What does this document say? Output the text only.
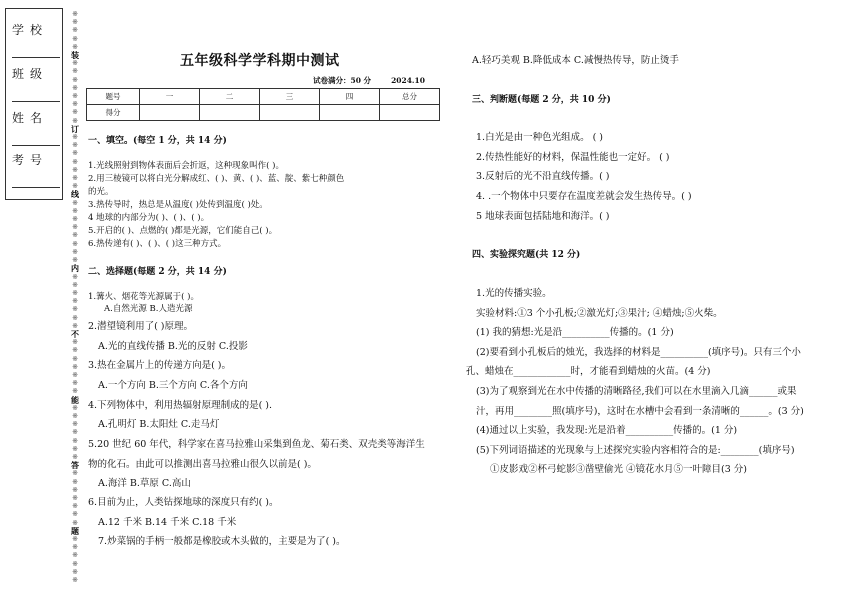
学校
班级
姓名
考号
※
※
※
※
※
装
※
※
※
※
※
※
※
※
订
※
※
※
※
※
※
※
线
※
※
※
※
※
※
※
※
内
※
※
※
※
※
※
※
不
※
※
※
※
※
※
※
能
※
※
※
※
※
※
※
答
※
※
※
※
※
※
※
题
※
※
※
※
※
※
五年级科学学科期中测试
试卷满分：50 分	2024.10
题号	一	二	三	四	总分
得分					
一、填空。(每空 1 分，共 14 分)
1.光线照射到物体表面后会折返，这种现象叫作( )。
2.用三棱镜可以将白光分解成红、( )、黄、( )、蓝、靛、紫七种颜色
的光。
3.热传导时，热总是从温度( )处传到温度( )处。
4 地球的内部分为( )、( )、( )。
5.开启的( )、点燃的( )都是光源，它们能自己( )。
6.热传递有( )、( )、( )这三种方式。
二、选择题(每题 2 分，共 14 分)
1.篝火、烟花等光源属于( )。
A.自然光源 B.人造光源
2.潜望镜利用了( )原理。
A.光的直线传播 B.光的反射 C.投影
3.热在金属片上的传递方向是( )。
A.一个方向 B.三个方向 C.各个方向
4.下列物体中，利用热辐射原理制成的是( ).
A.孔明灯 B.太阳灶 C.走马灯
5.20 世纪 60 年代，科学家在喜马拉雅山采集到鱼龙、菊石类、双壳类等海洋生
物的化石。由此可以推测出喜马拉雅山很久以前是( )。
A.海洋 B.草原 C.高山
6.目前为止，人类钻探地球的深度只有约( )。
A.12 千米 B.14 千米 C.18 千米
7.炒菜锅的手柄一般都是橡胶或木头做的，主要是为了( )。
A.轻巧美观 B.降低成本 C.减慢热传导，防止烫手
三、判断题(每题 2 分，共 10 分)
1.白光是由一种色光组成。 ( )
2.传热性能好的材料，保温性能也一定好。 ( )
3.反射后的光不沿直线传播。( )
4. .一个物体中只要存在温度差就会发生热传导。( )
5 地球表面包括陆地和海洋。( )
四、实验探究题(共 12 分)
1.光的传播实验。
实验材料:①3 个小孔板;②激光灯;③果汁; ④蜡烛;⑤火柴。
(1) 我的猜想:光是沿__________传播的。(1 分)
(2)要看到小孔板后的烛光，我选择的材料是__________(填序号)。只有三个小
孔、蜡烛在____________时，才能看到蜡烛的火苗。(4 分)
(3)为了观察到光在水中传播的清晰路径,我们可以在水里滴入几滴______或果
汁，再用________照(填序号)，这时在水槽中会看到一条清晰的______。(3 分)
(4)通过以上实验，我发现:光是沿着__________传播的。(1 分)
(5)下列词语描述的光现象与上述探究实验内容相符合的是:________(填序号)
①皮影戏②杯弓蛇影③凿壁偷光 ④镜花水月⑤一叶障目(3 分)
